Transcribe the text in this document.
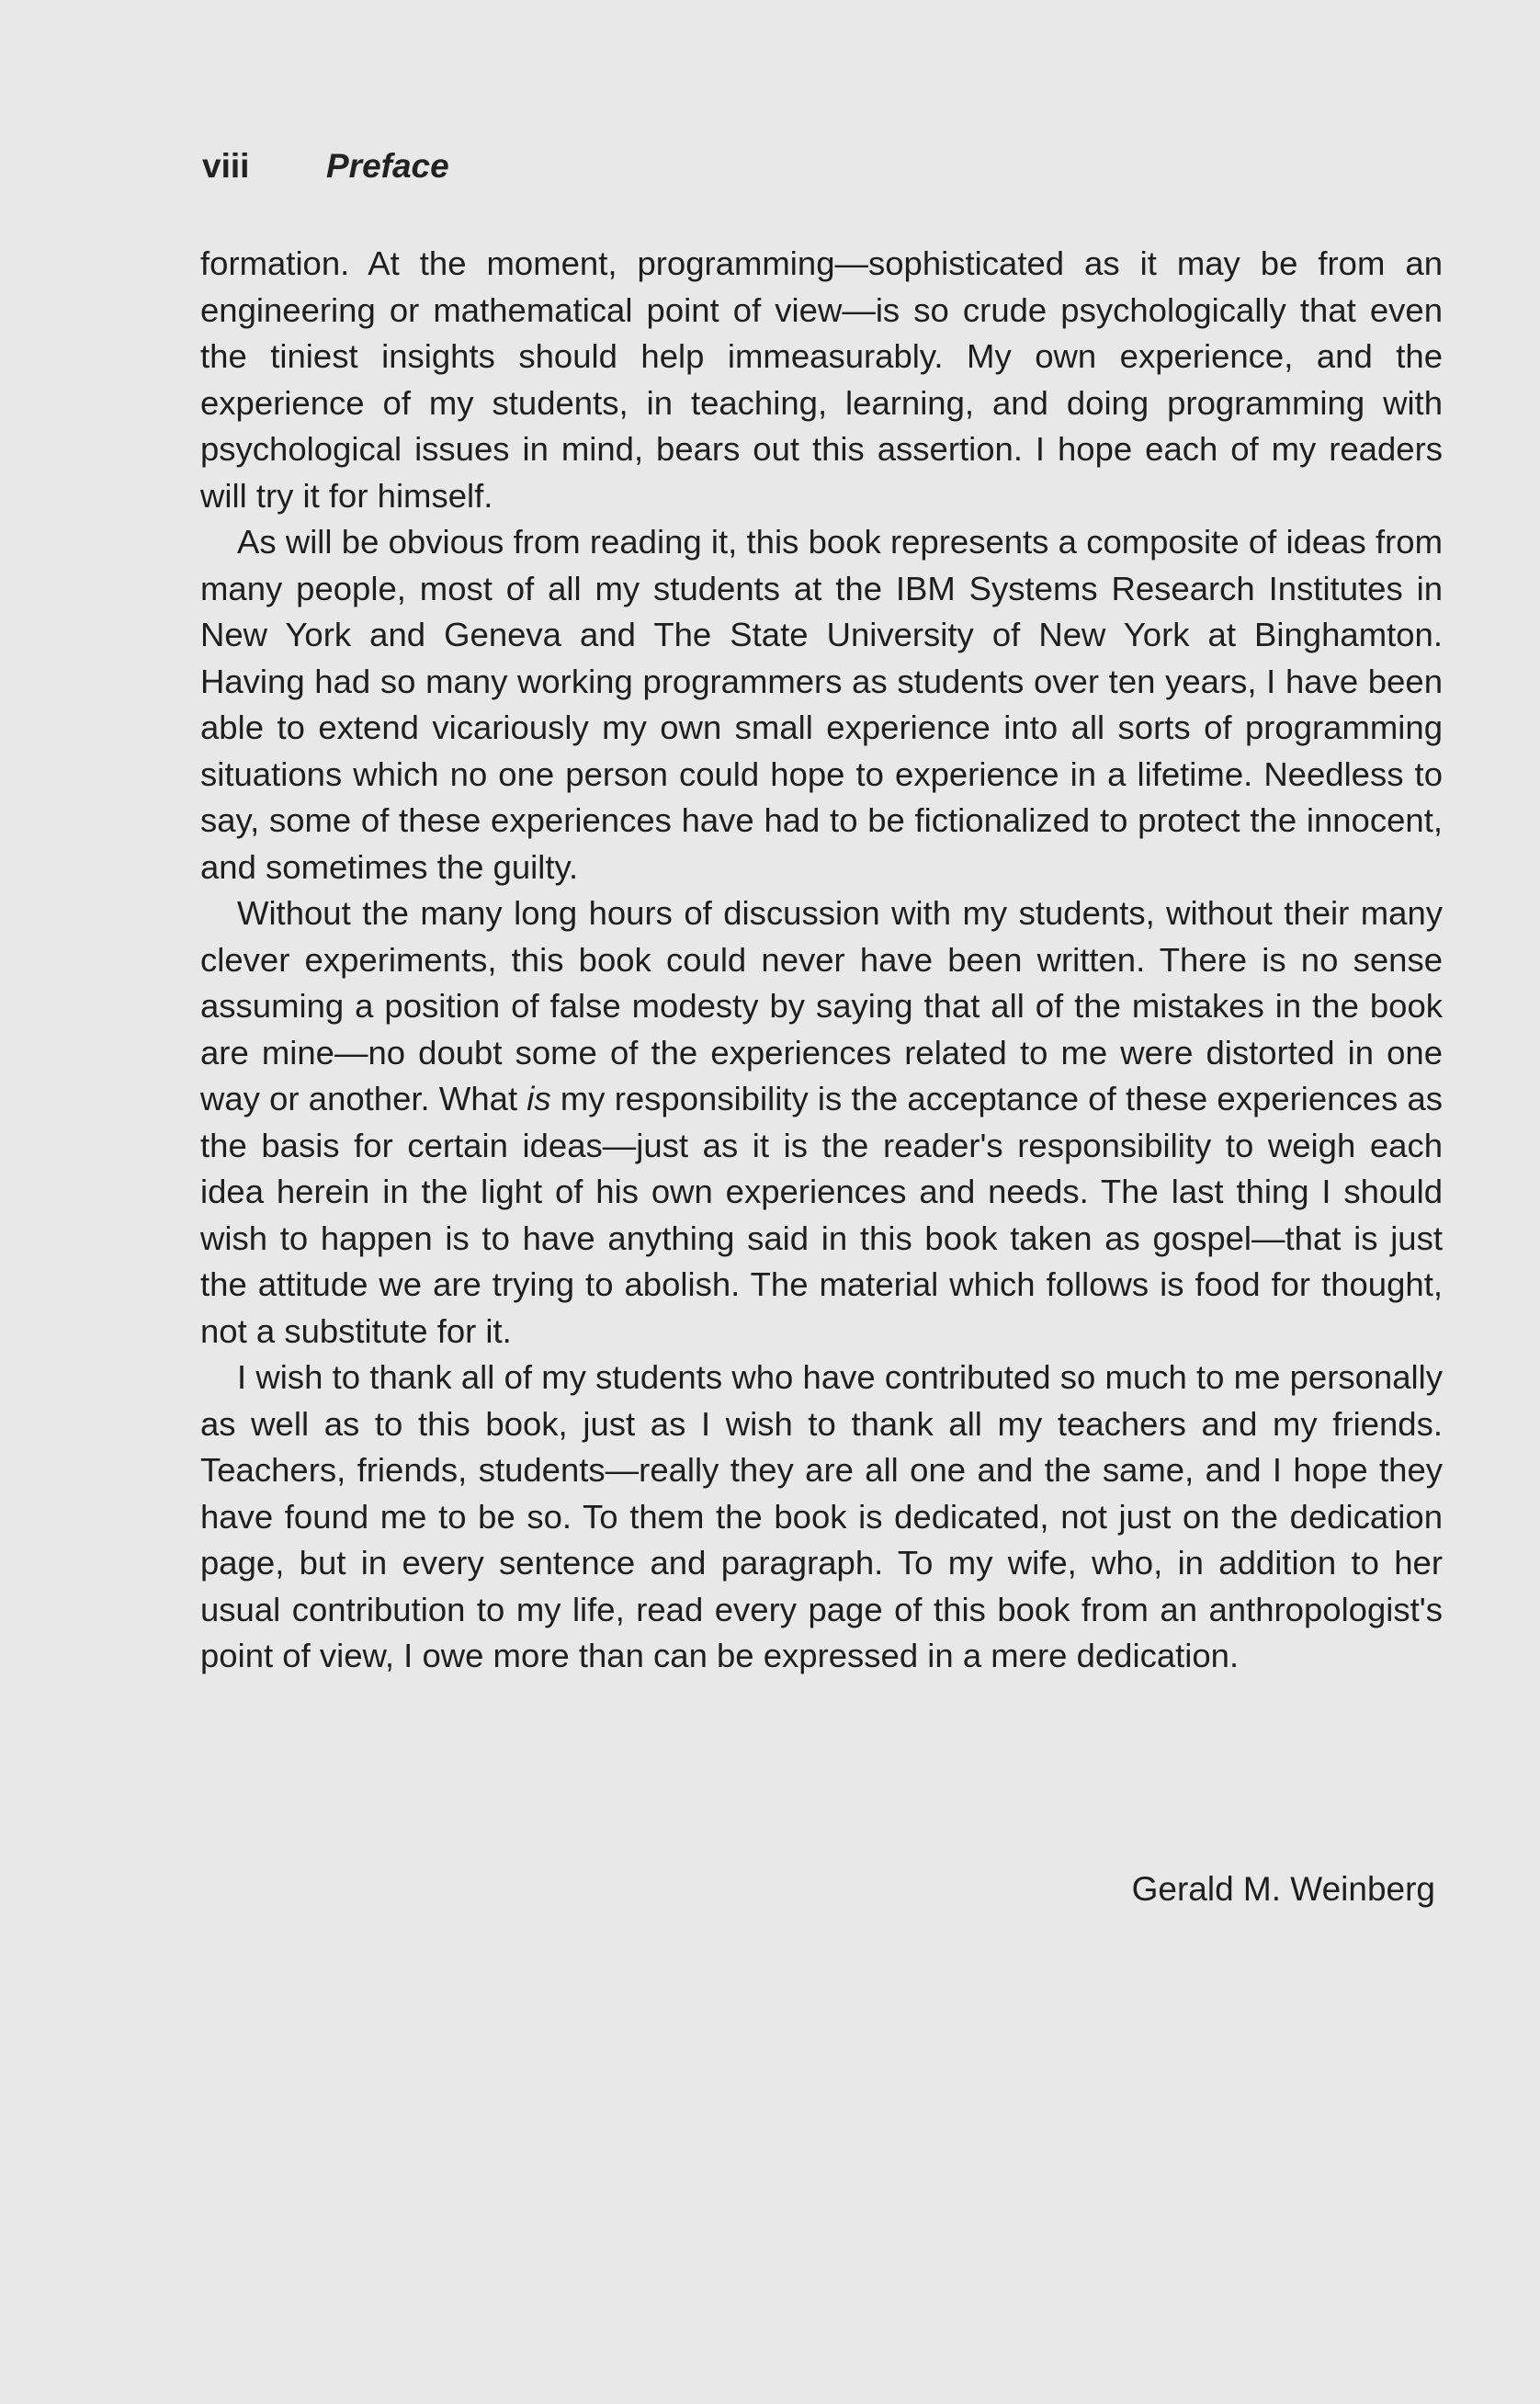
viii Preface

formation. At the moment, programming—sophisticated as it may be from an engineering or mathematical point of view—is so crude psychologically that even the tiniest insights should help immeasurably. My own experience, and the experience of my students, in teaching, learning, and doing programming with psychological issues in mind, bears out this assertion. I hope each of my readers will try it for himself.

As will be obvious from reading it, this book represents a composite of ideas from many people, most of all my students at the IBM Systems Research Institutes in New York and Geneva and The State University of New York at Binghamton. Having had so many working programmers as students over ten years, I have been able to extend vicariously my own small experience into all sorts of programming situations which no one person could hope to experience in a lifetime. Needless to say, some of these experiences have had to be fictionalized to protect the innocent, and sometimes the guilty.

Without the many long hours of discussion with my students, without their many clever experiments, this book could never have been written. There is no sense assuming a position of false modesty by saying that all of the mistakes in the book are mine—no doubt some of the experiences related to me were distorted in one way or another. What is my responsibility is the acceptance of these experiences as the basis for certain ideas—just as it is the reader's responsibility to weigh each idea herein in the light of his own experiences and needs. The last thing I should wish to happen is to have anything said in this book taken as gospel—that is just the attitude we are trying to abolish. The material which follows is food for thought, not a substitute for it.

I wish to thank all of my students who have contributed so much to me personally as well as to this book, just as I wish to thank all my teachers and my friends. Teachers, friends, students—really they are all one and the same, and I hope they have found me to be so. To them the book is dedicated, not just on the dedication page, but in every sentence and paragraph. To my wife, who, in addition to her usual contribution to my life, read every page of this book from an anthropologist's point of view, I owe more than can be expressed in a mere dedication.

Gerald M. Weinberg
